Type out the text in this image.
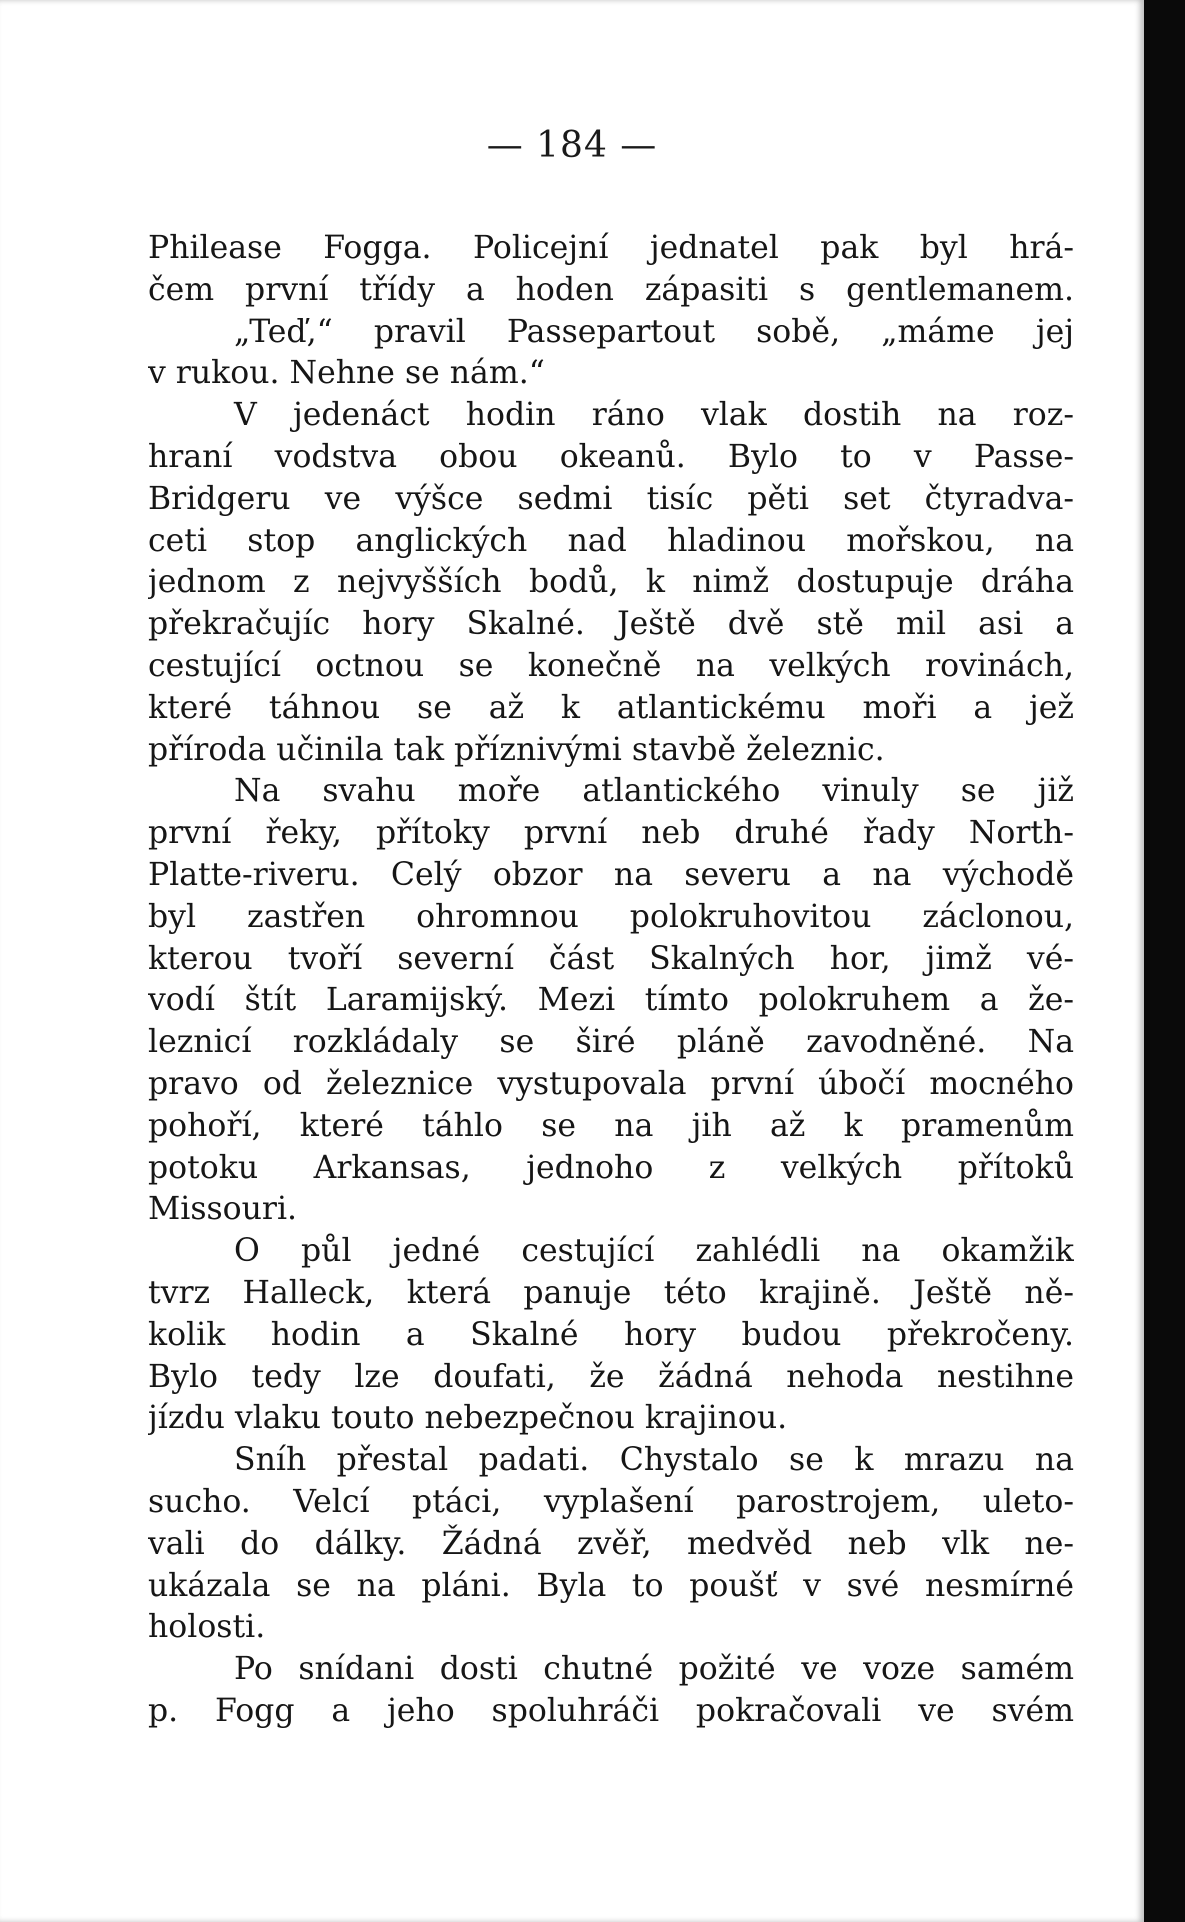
— 184 —
Philease Fogga. Policejní jednatel pak byl hrá-
čem první třídy a hoden zápasiti s gentlemanem.
„Teď,“ pravil Passepartout sobě, „máme jej
v rukou. Nehne se nám.“
V jedenáct hodin ráno vlak dostih na roz-
hraní vodstva obou okeanů. Bylo to v Passe-
Bridgeru ve výšce sedmi tisíc pěti set čtyradva-
ceti stop anglických nad hladinou mořskou, na
jednom z nejvyšších bodů, k nimž dostupuje dráha
překračujíc hory Skalné. Ještě dvě stě mil asi a
cestující octnou se konečně na velkých rovinách,
které táhnou se až k atlantickému moři a jež
příroda učinila tak příznivými stavbě železnic.
Na svahu moře atlantického vinuly se již
první řeky, přítoky první neb druhé řady North-
Platte-riveru. Celý obzor na severu a na východě
byl zastřen ohromnou polokruhovitou záclonou,
kterou tvoří severní část Skalných hor, jimž vé-
vodí štít Laramijský. Mezi tímto polokruhem a že-
leznicí rozkládaly se širé pláně zavodněné. Na
pravo od železnice vystupovala první úbočí mocného
pohoří, které táhlo se na jih až k pramenům
potoku Arkansas, jednoho z velkých přítoků
Missouri.
O půl jedné cestující zahlédli na okamžik
tvrz Halleck, která panuje této krajině. Ještě ně-
kolik hodin a Skalné hory budou překročeny.
Bylo tedy lze doufati, že žádná nehoda nestihne
jízdu vlaku touto nebezpečnou krajinou.
Sníh přestal padati. Chystalo se k mrazu na
sucho. Velcí ptáci, vyplašení parostrojem, uleto-
vali do dálky. Žádná zvěř, medvěd neb vlk ne-
ukázala se na pláni. Byla to poušť v své nesmírné
holosti.
Po snídani dosti chutné požité ve voze samém
p. Fogg a jeho spoluhráči pokračovali ve svém
